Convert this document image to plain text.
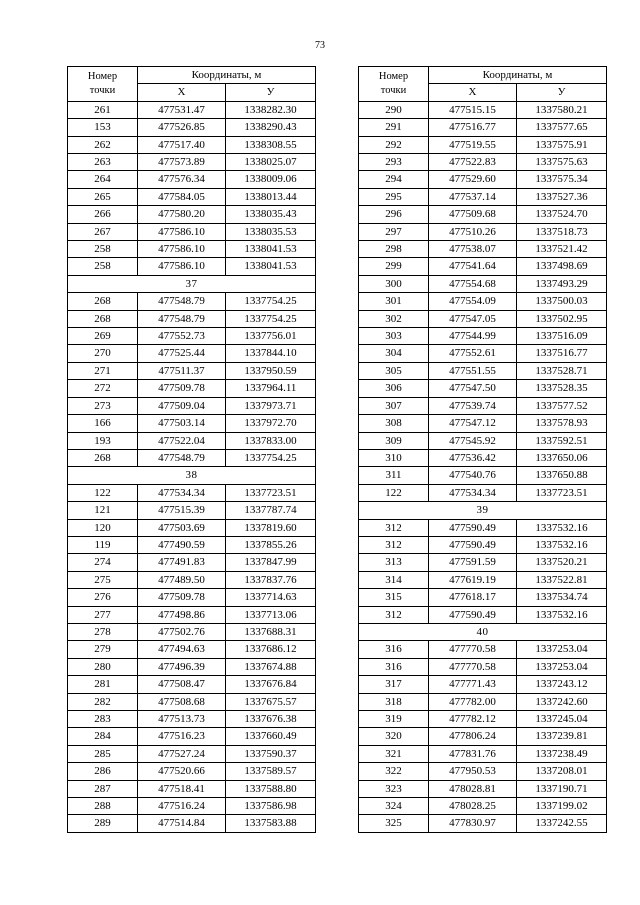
73
Номер
точки	Координаты, м	
	X	У
261	477531.47	1338282.30
153	477526.85	1338290.43
262	477517.40	1338308.55
263	477573.89	1338025.07
264	477576.34	1338009.06
265	477584.05	1338013.44
266	477580.20	1338035.43
267	477586.10	1338035.53
258	477586.10	1338041.53
258	477586.10	1338041.53
37		
268	477548.79	1337754.25
268	477548.79	1337754.25
269	477552.73	1337756.01
270	477525.44	1337844.10
271	477511.37	1337950.59
272	477509.78	1337964.11
273	477509.04	1337973.71
166	477503.14	1337972.70
193	477522.04	1337833.00
268	477548.79	1337754.25
38		
122	477534.34	1337723.51
121	477515.39	1337787.74
120	477503.69	1337819.60
119	477490.59	1337855.26
274	477491.83	1337847.99
275	477489.50	1337837.76
276	477509.78	1337714.63
277	477498.86	1337713.06
278	477502.76	1337688.31
279	477494.63	1337686.12
280	477496.39	1337674.88
281	477508.47	1337676.84
282	477508.68	1337675.57
283	477513.73	1337676.38
284	477516.23	1337660.49
285	477527.24	1337590.37
286	477520.66	1337589.57
287	477518.41	1337588.80
288	477516.24	1337586.98
289	477514.84	1337583.88
Номер
точки	Координаты, м	
	X	У
290	477515.15	1337580.21
291	477516.77	1337577.65
292	477519.55	1337575.91
293	477522.83	1337575.63
294	477529.60	1337575.34
295	477537.14	1337527.36
296	477509.68	1337524.70
297	477510.26	1337518.73
298	477538.07	1337521.42
299	477541.64	1337498.69
300	477554.68	1337493.29
301	477554.09	1337500.03
302	477547.05	1337502.95
303	477544.99	1337516.09
304	477552.61	1337516.77
305	477551.55	1337528.71
306	477547.50	1337528.35
307	477539.74	1337577.52
308	477547.12	1337578.93
309	477545.92	1337592.51
310	477536.42	1337650.06
311	477540.76	1337650.88
122	477534.34	1337723.51
39		
312	477590.49	1337532.16
312	477590.49	1337532.16
313	477591.59	1337520.21
314	477619.19	1337522.81
315	477618.17	1337534.74
312	477590.49	1337532.16
40		
316	477770.58	1337253.04
316	477770.58	1337253.04
317	477771.43	1337243.12
318	477782.00	1337242.60
319	477782.12	1337245.04
320	477806.24	1337239.81
321	477831.76	1337238.49
322	477950.53	1337208.01
323	478028.81	1337190.71
324	478028.25	1337199.02
325	477830.97	1337242.55
